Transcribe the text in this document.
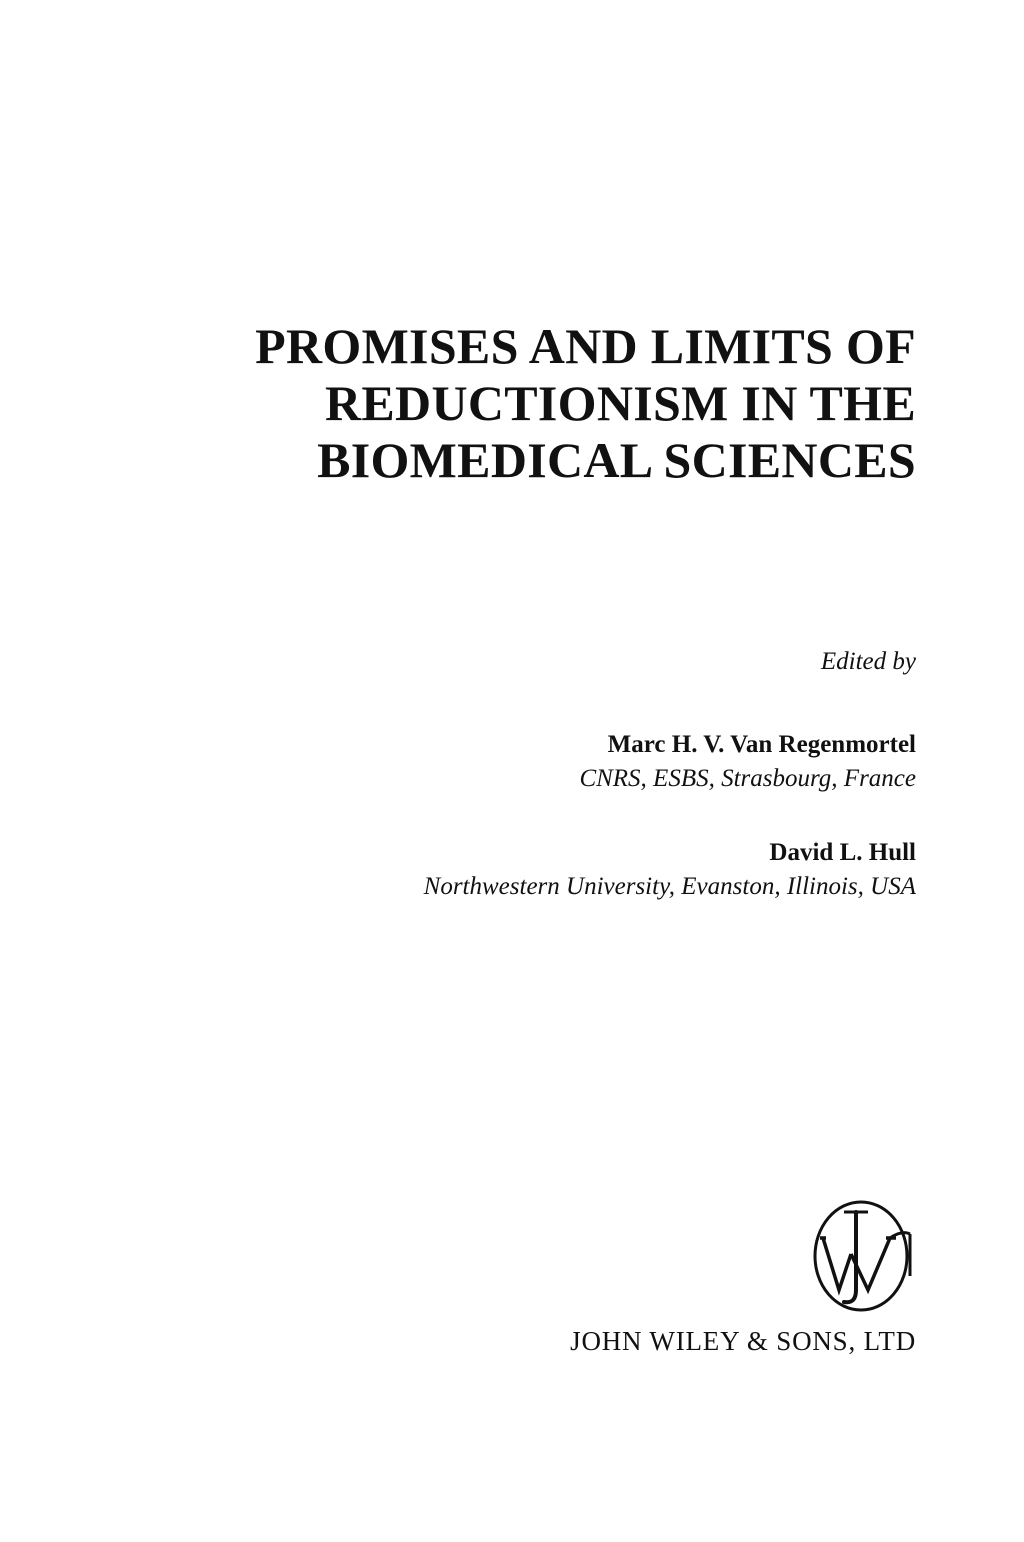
PROMISES AND LIMITS OF
REDUCTIONISM IN THE
BIOMEDICAL SCIENCES
Edited by
Marc H. V. Van Regenmortel
CNRS, ESBS, Strasbourg, France
David L. Hull
Northwestern University, Evanston, Illinois, USA
JOHN WILEY & SONS, LTD
